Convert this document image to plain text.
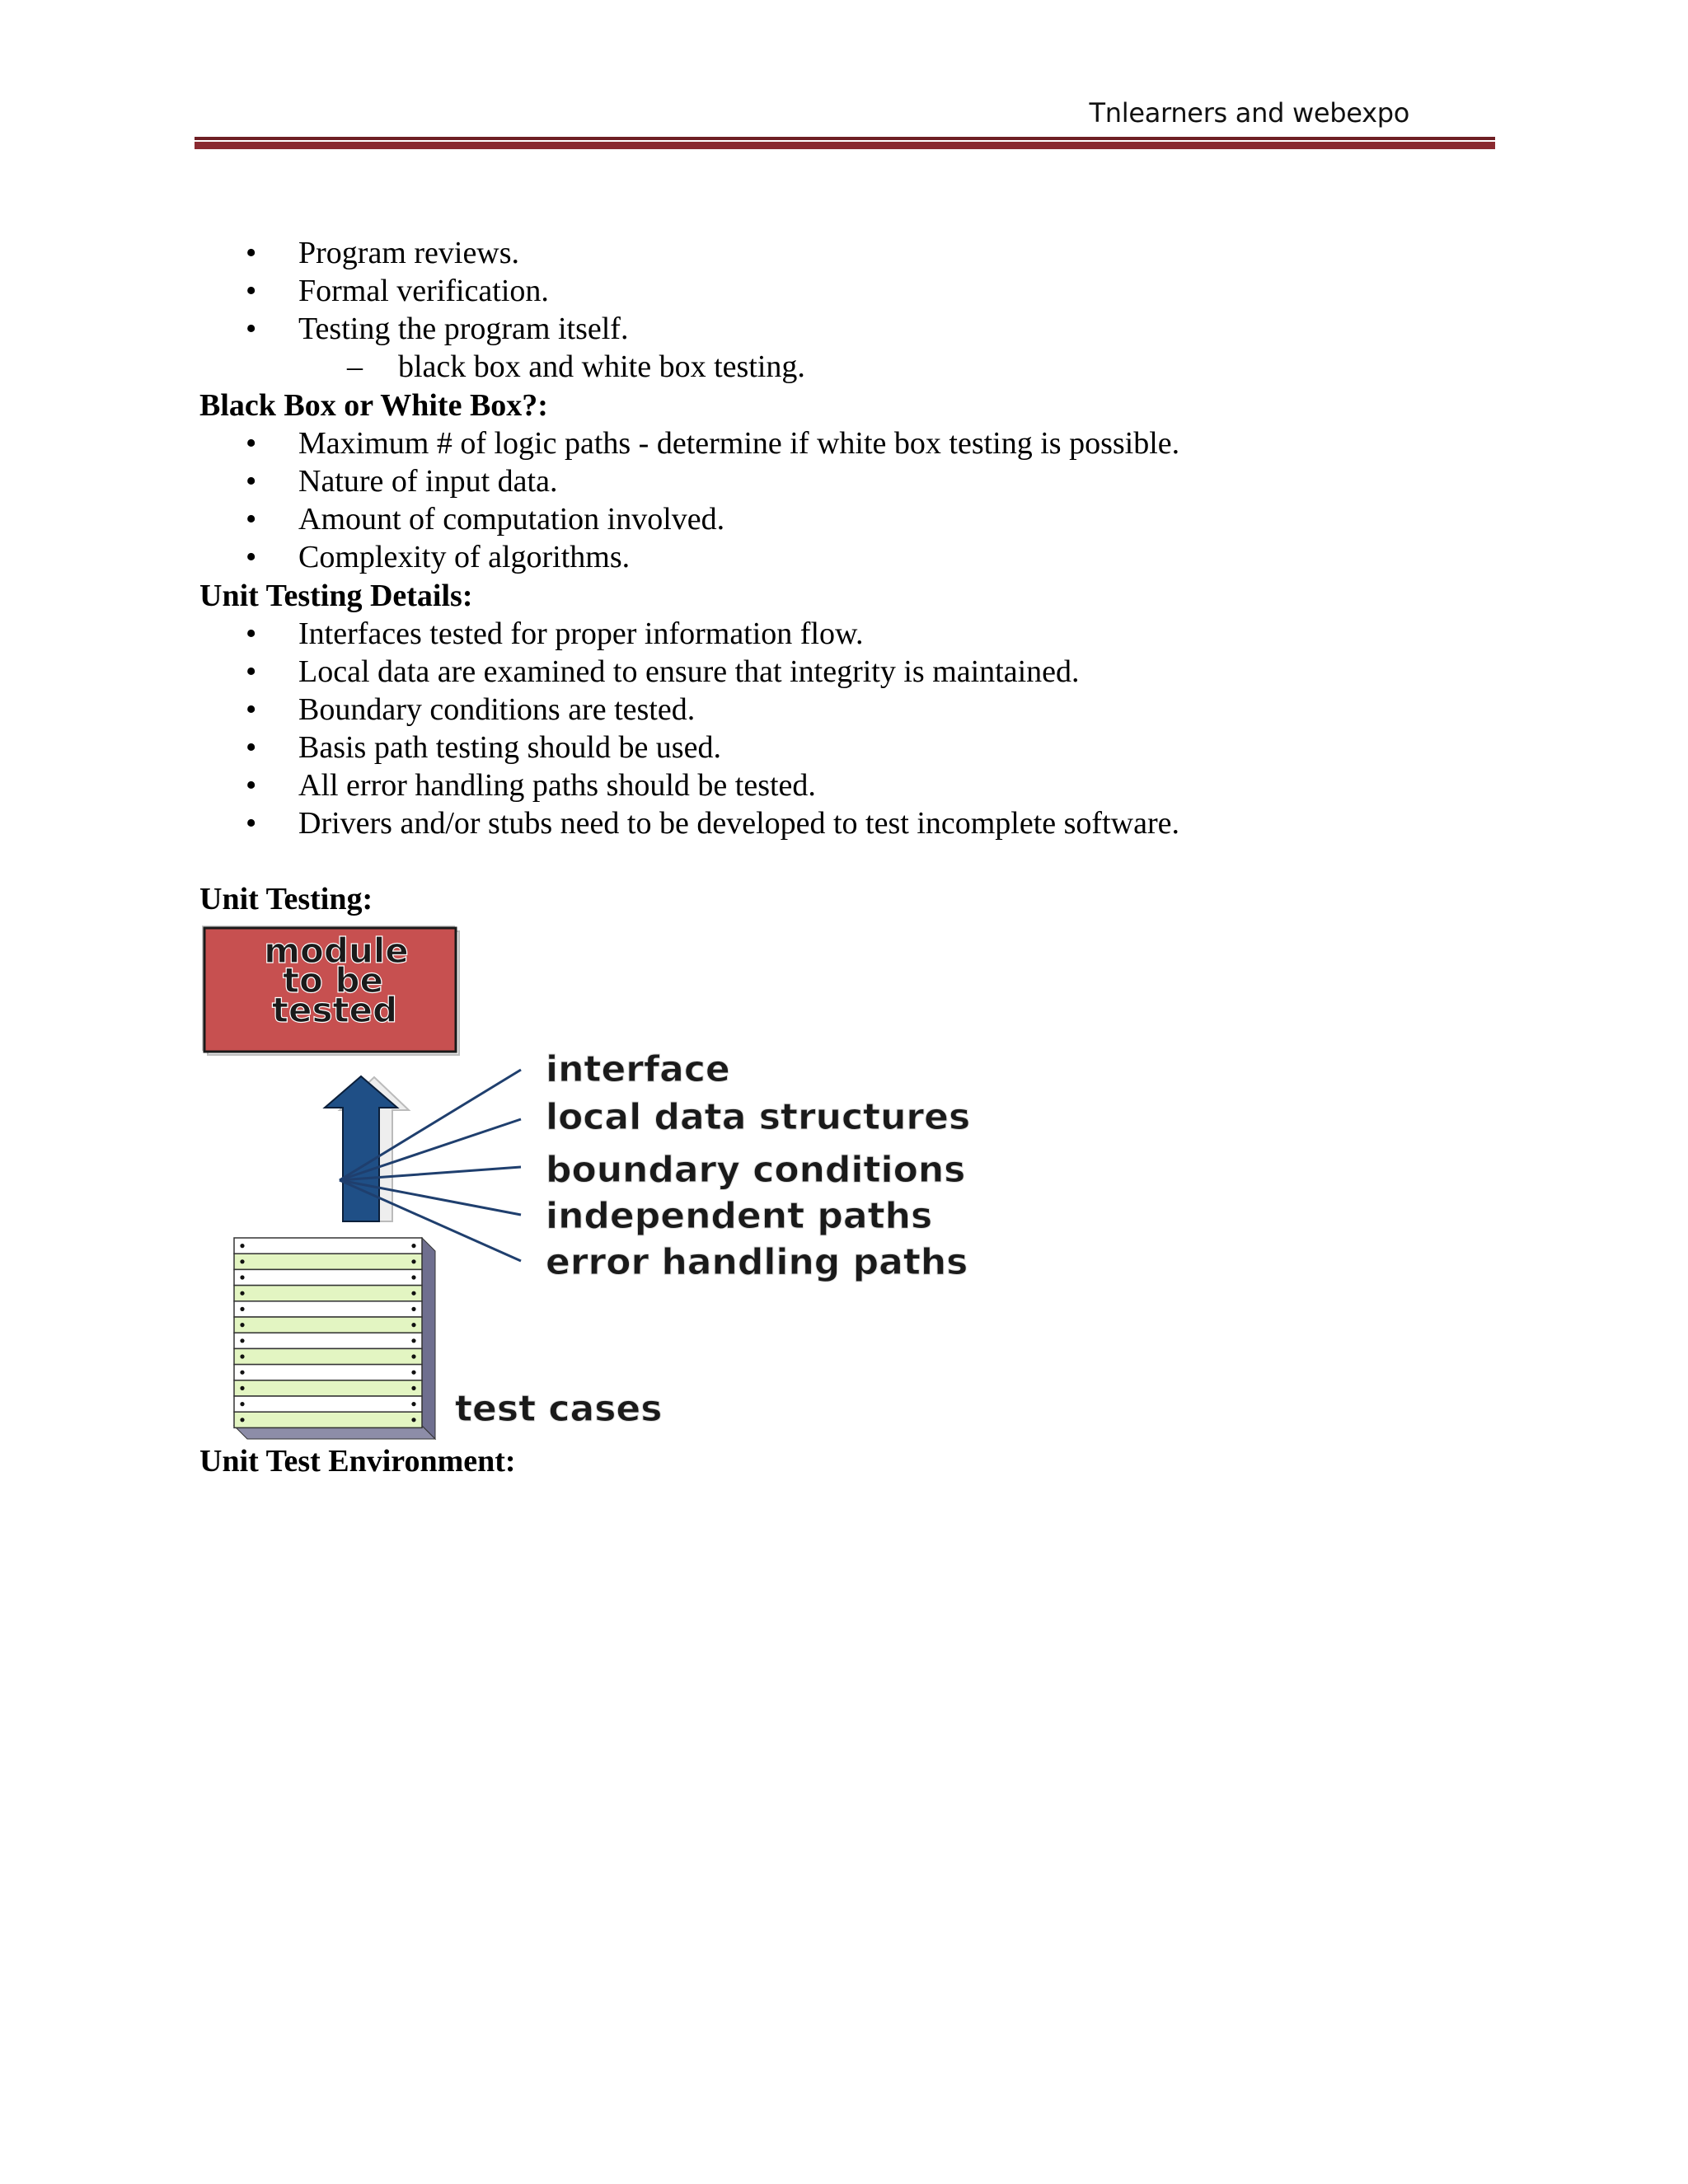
Tnlearners and webexpo
• Program reviews.
• Formal verification.
• Testing the program itself.
– black box and white box testing.
Black Box or White Box?:
• Maximum # of logic paths - determine if white box testing is possible.
• Nature of input data.
• Amount of computation involved.
• Complexity of algorithms.
Unit Testing Details:
• Interfaces tested for proper information flow.
• Local data are examined to ensure that integrity is maintained.
• Boundary conditions are tested.
• Basis path testing should be used.
• All error handling paths should be tested.
• Drivers and/or stubs need to be developed to test incomplete software.
Unit Testing:
module
to be
tested
interface
local data structures
boundary conditions
independent paths
error handling paths
test cases
Unit Test Environment:
